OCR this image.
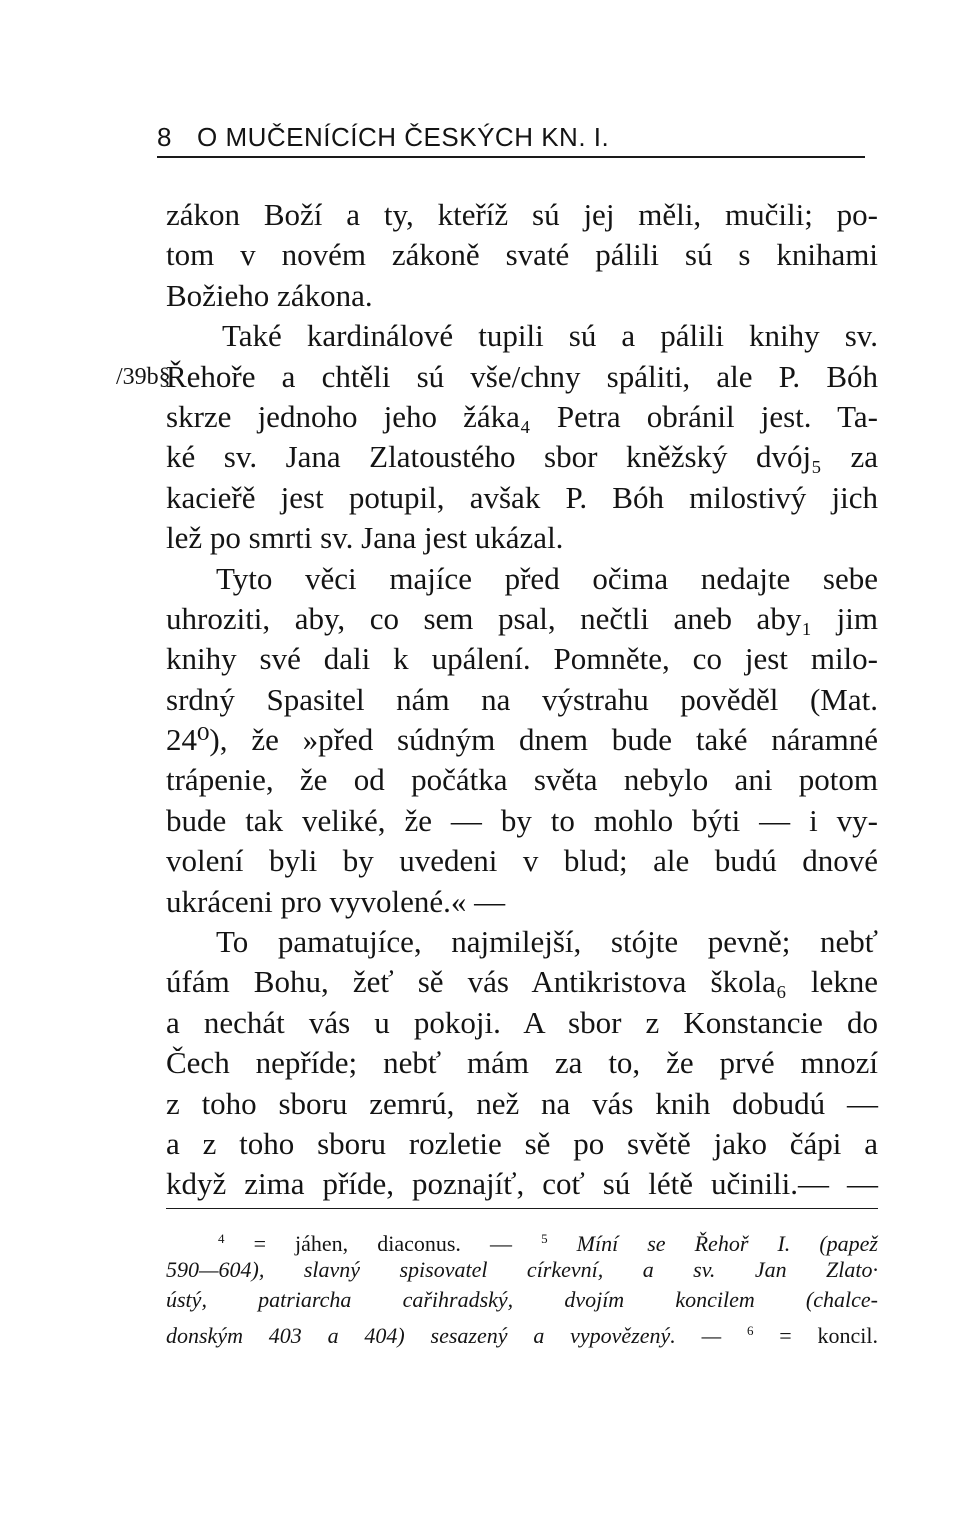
8 O MUČENÍCÍCH ČESKÝCH KN. I.
/39b§
zákon Boží a ty, kteříž sú jej měli, mučili; po-
tom v novém zákoně svaté pálili sú s knihami
Božieho zákona.
Také kardinálové tupili sú a pálili knihy sv.
Řehoře a chtěli sú vše/chny spáliti, ale P. Bóh
skrze jednoho jeho žáka₄ Petra obránil jest. Ta-
ké sv. Jana Zlatoustého sbor kněžský dvój₅ za
kacieřě jest potupil, avšak P. Bóh milostivý jich
lež po smrti sv. Jana jest ukázal.
Tyto věci majíce před očima nedajte sebe
uhroziti, aby, co sem psal, nečtli aneb aby₁ jim
knihy své dali k upálení. Pomněte, co jest milo-
srdný Spasitel nám na výstrahu pověděl (Mat.
24⁰), že »před súdným dnem bude také náramné
trápenie, že od počátka světa nebylo ani potom
bude tak veliké, že — by to mohlo býti — i vy-
volení byli by uvedeni v blud; ale budú dnové
ukráceni pro vyvolené.« —
To pamatujíce, najmilejší, stójte pevně; nebť
úfám Bohu, žeť sě vás Antikristova škola₆ lekne
a nechát vás u pokoji. A sbor z Konstancie do
Čech nepříde; nebť mám za to, že prvé mnozí
z toho sboru zemrú, než na vás knih dobudú —
a z toho sboru rozletie sě po světě jako čápi a
když zima příde, poznajíť, coť sú létě učinili.— —
$^4$ = jáhen, diaconus. — $^5$ Míní se Řehoř I. (papež
590—604), slavný spisovatel církevní, a sv. Jan Zlato·
ústý, patriarcha cařihradský, dvojím koncilem (chalce-
donským 403 a 404) sesazený a vypovězený. — $^6$ = koncil.
